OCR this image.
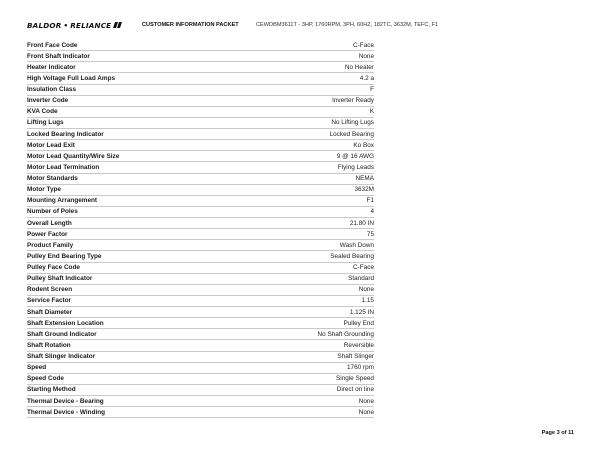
BALDOR • RELIANCE	CUSTOMER INFORMATION PACKET	CEWDBM3611T - 3HP, 1760RPM, 3PH, 60HZ, 182TC, 3632M, TEFC, F1
Front Face Code	C-Face
Front Shaft Indicator	None
Heater Indicator	No Heater
High Voltage Full Load Amps	4.2 a
Insulation Class	F
Inverter Code	Inverter Ready
KVA Code	K
Lifting Lugs	No Lifting Lugs
Locked Bearing Indicator	Locked Bearing
Motor Lead Exit	Ko Box
Motor Lead Quantity/Wire Size	9 @ 16 AWG
Motor Lead Termination	Flying Leads
Motor Standards	NEMA
Motor Type	3632M
Mounting Arrangement	F1
Number of Poles	4
Overall Length	21.80 IN
Power Factor	75
Product Family	Wash Down
Pulley End Bearing Type	Sealed Bearing
Pulley Face Code	C-Face
Pulley Shaft Indicator	Standard
Rodent Screen	None
Service Factor	1.15
Shaft Diameter	1.125 IN
Shaft Extension Location	Pulley End
Shaft Ground Indicator	No Shaft Grounding
Shaft Rotation	Reversible
Shaft Slinger Indicator	Shaft Slinger
Speed	1760 rpm
Speed Code	Single Speed
Starting Method	Direct on line
Thermal Device - Bearing	None
Thermal Device - Winding	None
Page 3 of 11
